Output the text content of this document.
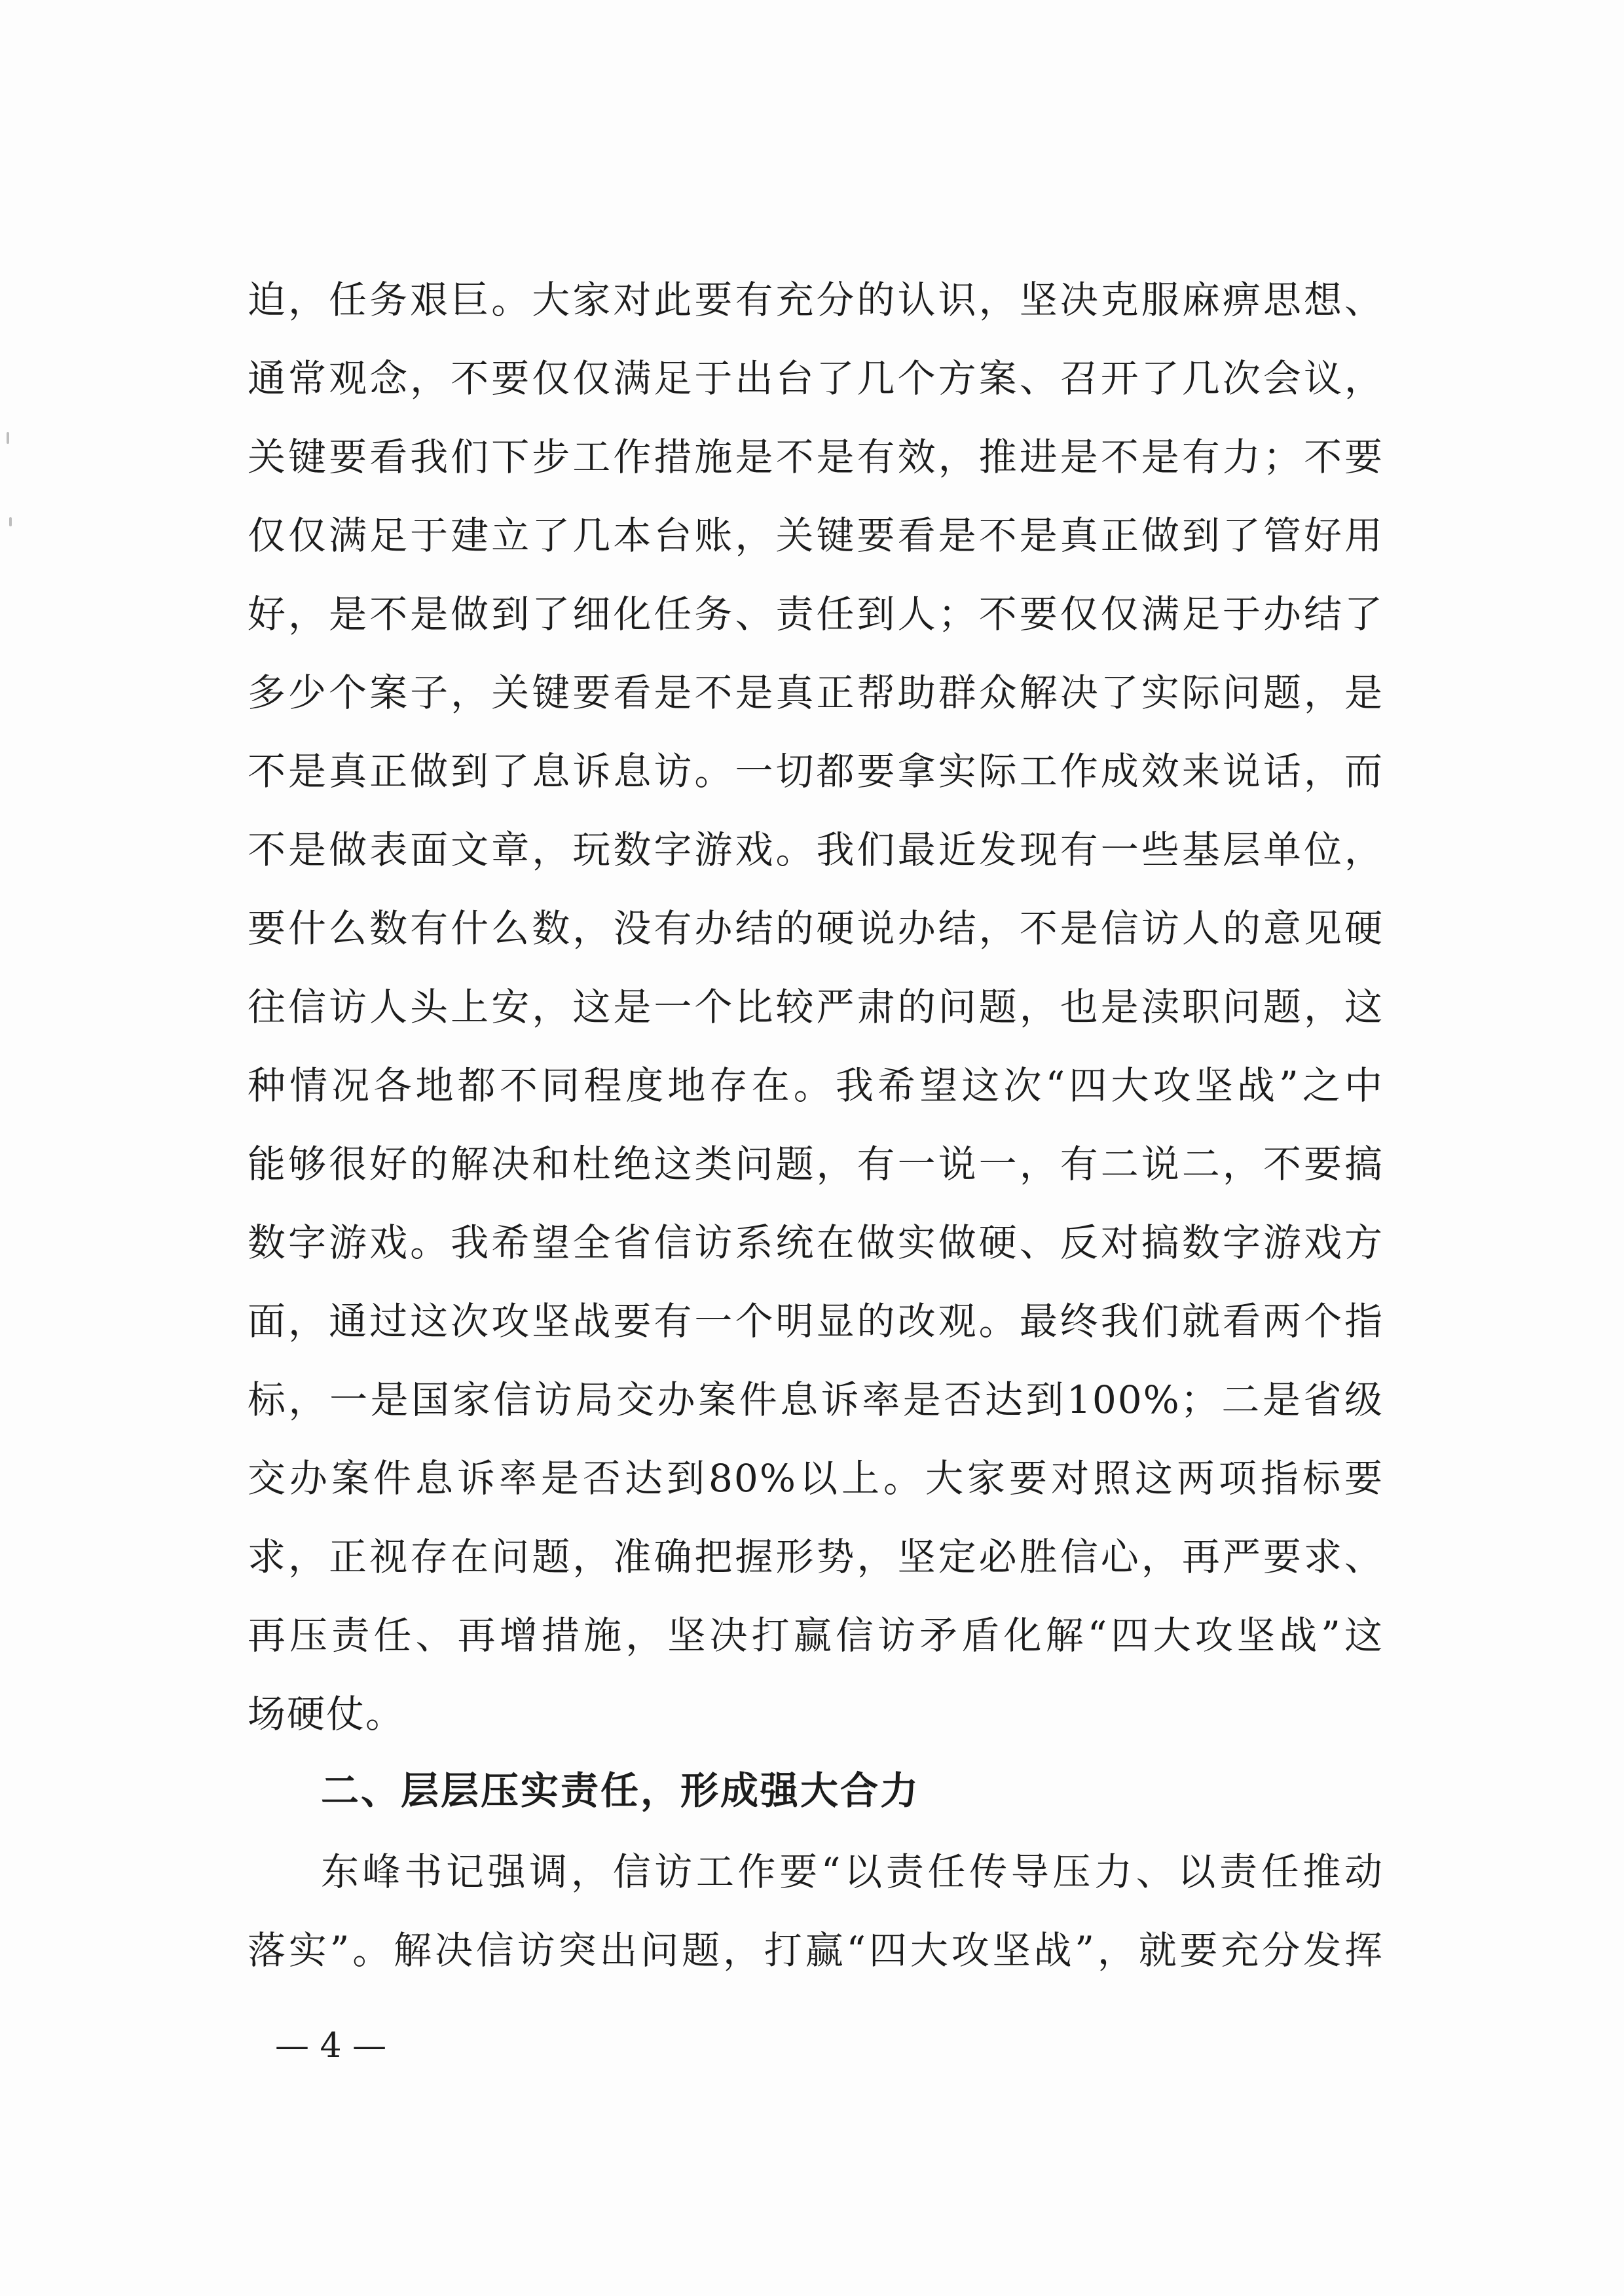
迫，任务艰巨。大家对此要有充分的认识，坚决克服麻痹思想、
通常观念，不要仅仅满足于出台了几个方案、召开了几次会议，
关键要看我们下步工作措施是不是有效，推进是不是有力；不要
仅仅满足于建立了几本台账，关键要看是不是真正做到了管好用
好，是不是做到了细化任务、责任到人；不要仅仅满足于办结了
多少个案子，关键要看是不是真正帮助群众解决了实际问题，是
不是真正做到了息诉息访。一切都要拿实际工作成效来说话，而
不是做表面文章，玩数字游戏。我们最近发现有一些基层单位，
要什么数有什么数，没有办结的硬说办结，不是信访人的意见硬
往信访人头上安，这是一个比较严肃的问题，也是渎职问题，这
种情况各地都不同程度地存在。我希望这次“四大攻坚战”之中
能够很好的解决和杜绝这类问题，有一说一，有二说二，不要搞
数字游戏。我希望全省信访系统在做实做硬、反对搞数字游戏方
面，通过这次攻坚战要有一个明显的改观。最终我们就看两个指
标，一是国家信访局交办案件息诉率是否达到100%；二是省级
交办案件息诉率是否达到80%以上。大家要对照这两项指标要
求，正视存在问题，准确把握形势，坚定必胜信心，再严要求、
再压责任、再增措施，坚决打赢信访矛盾化解“四大攻坚战”这
场硬仗。
二、层层压实责任，形成强大合力
东峰书记强调，信访工作要“以责任传导压力、以责任推动
落实”。解决信访突出问题，打赢“四大攻坚战”，就要充分发挥
— 4 —
